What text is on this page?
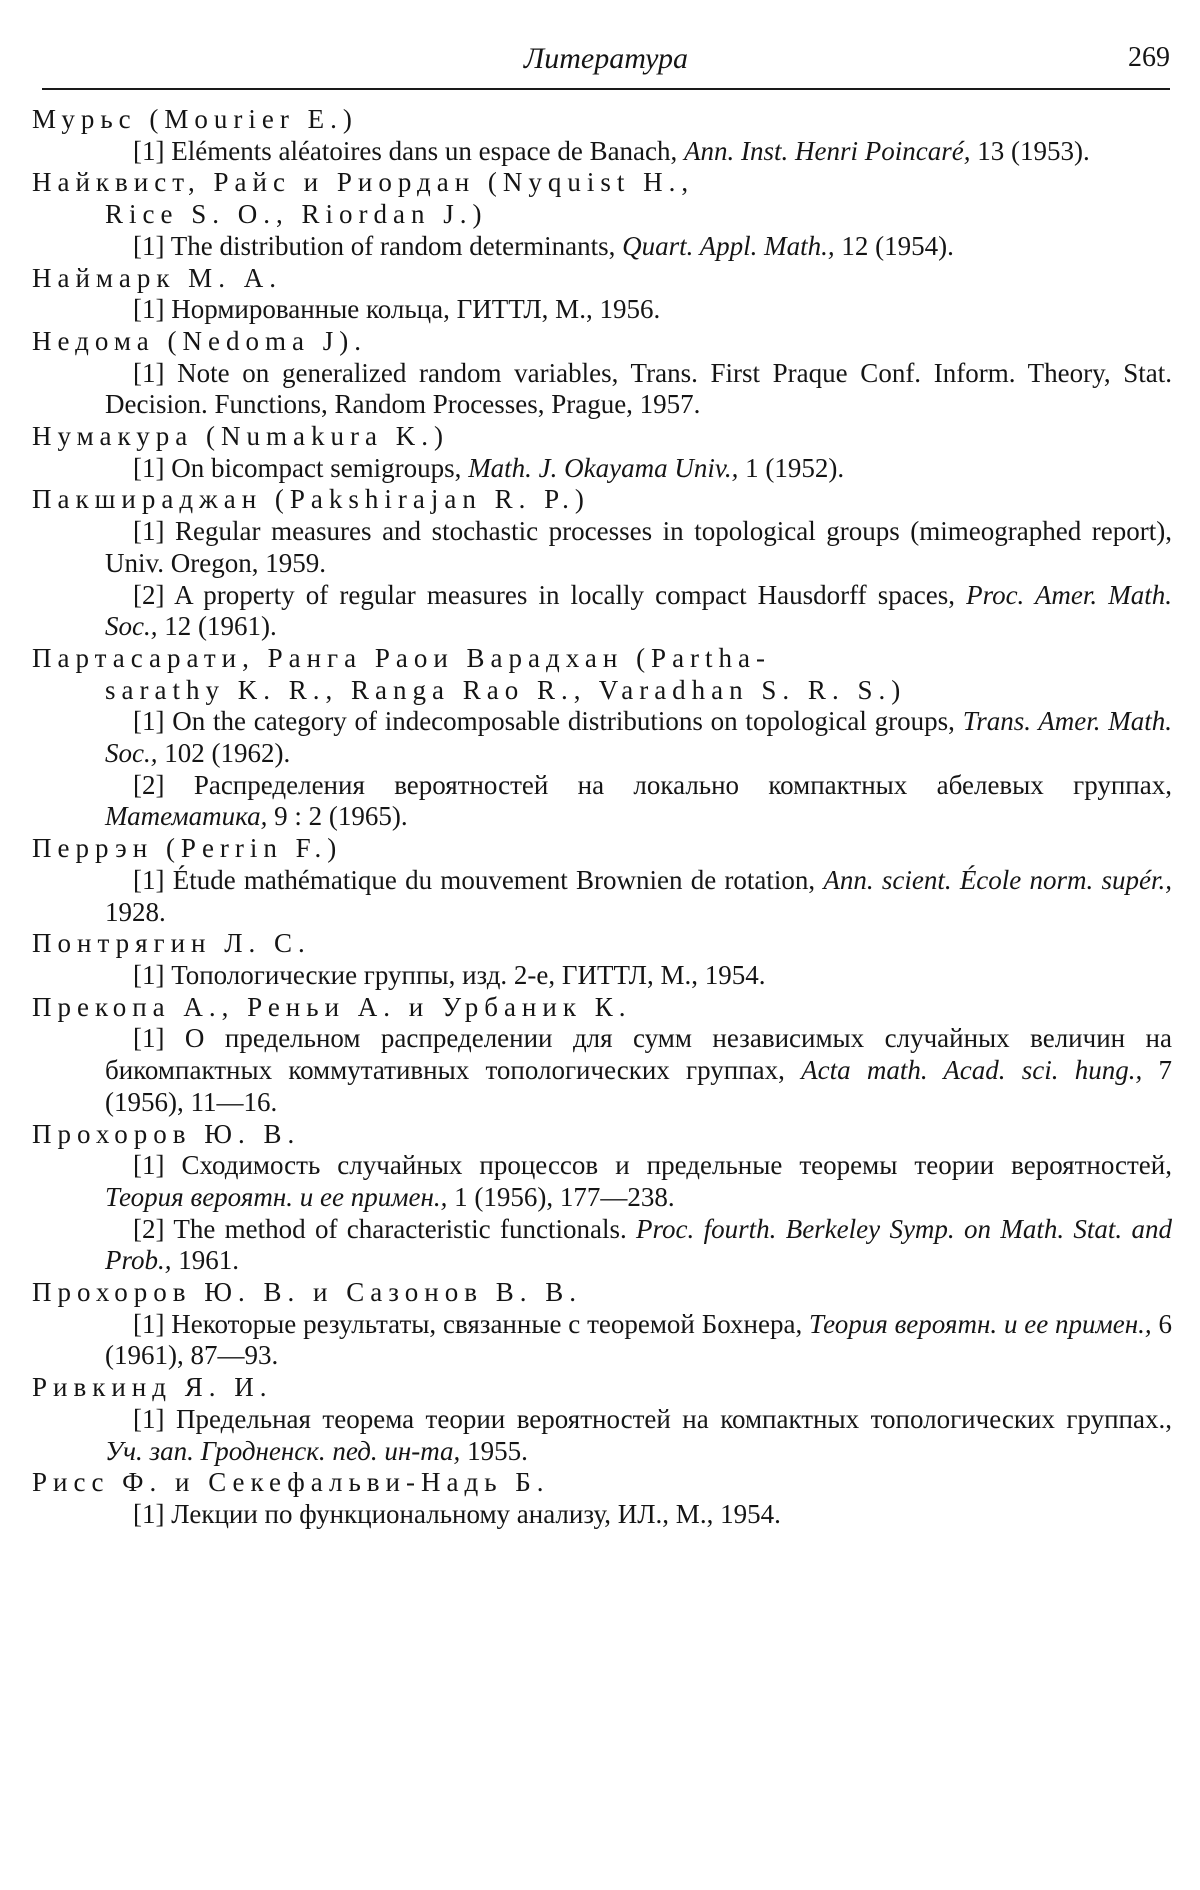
Литература	269
Мурьс (Mourier E.)
[1] Eléments aléatoires dans un espace de Banach, Ann. Inst. Henri Poincaré, 13 (1953).
Найквист, Райс и Риордан (Nyquist H.,
Rice S. O., Riordan J.)
[1] The distribution of random determinants, Quart. Appl. Math., 12 (1954).
Наймарк М. А.
[1] Нормированные кольца, ГИТТЛ, М., 1956.
Недома (Nedoma J).
[1] Note on generalized random variables, Trans. First Praque Conf. Inform. Theory, Stat. Decision. Functions, Random Processes, Prague, 1957.
Нумакура (Numakura K.)
[1] On bicompact semigroups, Math. J. Okayama Univ., 1 (1952).
Пакшираджан (Pakshirajan R. P.)
[1] Regular measures and stochastic processes in topological groups (mimeographed report), Univ. Oregon, 1959.
[2] A property of regular measures in locally compact Hausdorff spaces, Proc. Amer. Math. Soc., 12 (1961).
Партасарати, Ранга Раои Варадхан (Partha-
sarathy K. R., Ranga Rao R., Varadhan S. R. S.)
[1] On the category of indecomposable distributions on topological groups, Trans. Amer. Math. Soc., 102 (1962).
[2] Распределения вероятностей на локально компактных абелевых группах, Математика, 9 : 2 (1965).
Перрэн (Perrin F.)
[1] Étude mathématique du mouvement Brownien de rotation, Ann. scient. École norm. supér., 1928.
Понтрягин Л. С.
[1] Топологические группы, изд. 2-е, ГИТТЛ, М., 1954.
Прекопа А., Реньи А. и Урбаник К.
[1] О предельном распределении для сумм независимых случайных величин на бикомпактных коммутативных топологических группах, Acta math. Acad. sci. hung., 7 (1956), 11—16.
Прохоров Ю. В.
[1] Сходимость случайных процессов и предельные теоремы теории вероятностей, Теория вероятн. и ее примен., 1 (1956), 177—238.
[2] The method of characteristic functionals. Proc. fourth. Berkeley Symp. on Math. Stat. and Prob., 1961.
Прохоров Ю. В. и Сазонов В. В.
[1] Некоторые результаты, связанные с теоремой Бохнера, Теория вероятн. и ее примен., 6 (1961), 87—93.
Ривкинд Я. И.
[1] Предельная теорема теории вероятностей на компактных топологических группах., Уч. зап. Гродненск. пед. ин-та, 1955.
Рисс Ф. и Секефальви-Надь Б.
[1] Лекции по функциональному анализу, ИЛ., М., 1954.
